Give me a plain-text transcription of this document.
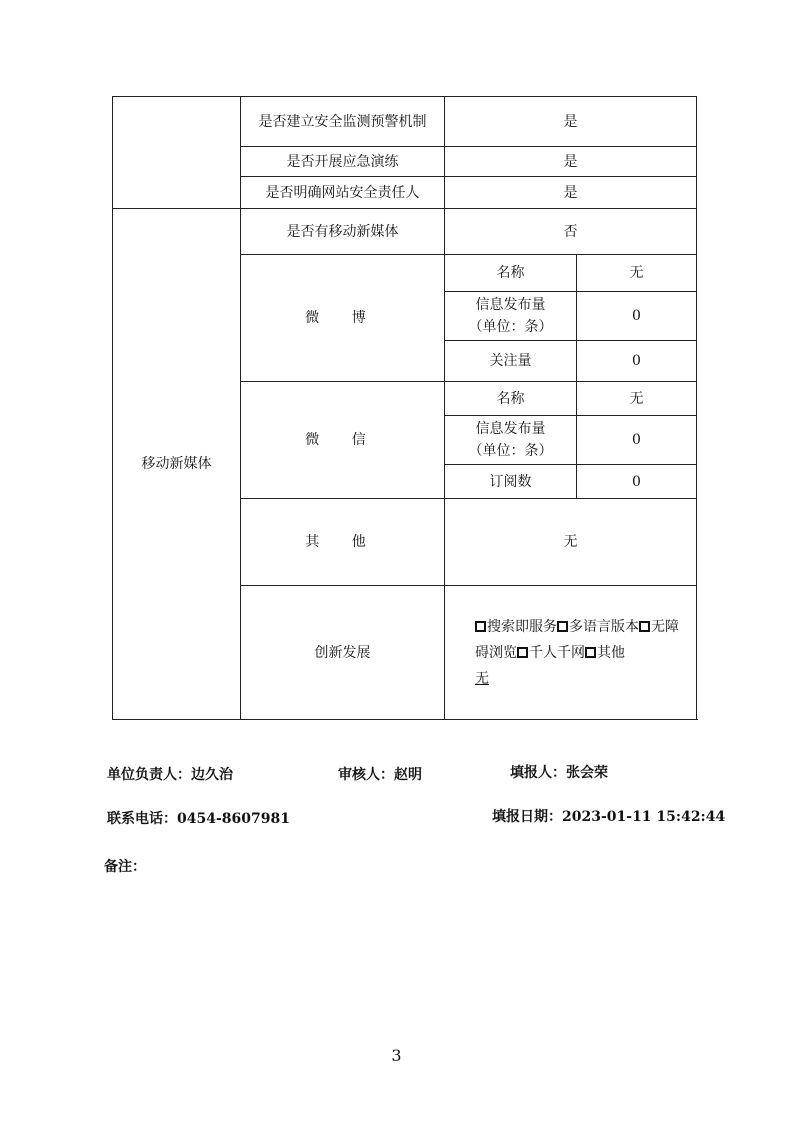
	是否建立安全监测预警机制	是	
	是否开展应急演练	是	
	是否明确网站安全责任人	是	
移动新媒体	是否有移动新媒体	否	
	微 博	名称	无
		信息发布量
（单位：条）	0
		关注量	0
	微 信	名称	无
		信息发布量
（单位：条）	0
		订阅数	0
	其 他	无	
	创新发展	搜索即服务 多语言版本 无障碍浏览 千人千网 其他
无	
单位负责人：边久治	审核人：赵明	填报人：张会荣
联系电话：0454-8607981	填报日期：2023-01-11 15:42:44
备注：
3
